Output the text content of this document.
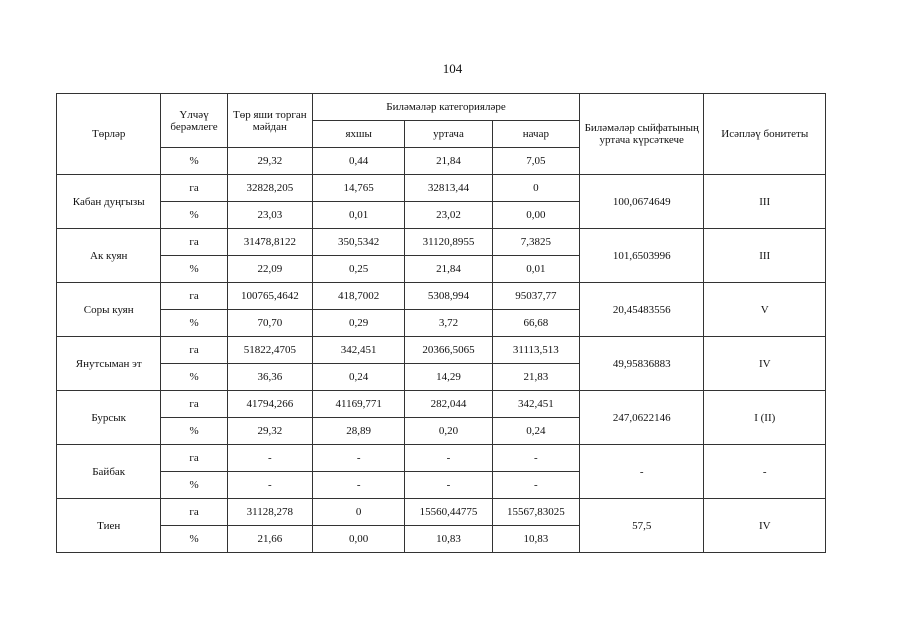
104
Төрләр	Үлчәү берәмлеге	Төр яши торган мәйдан	Биләмәләр категорияләре			Биләмәләр сыйфатының уртача күрсәткече	Исәпләү бонитеты
			яхшы	уртача	начар		
	%	29,32	0,44	21,84	7,05		
Кабан дуңгызы	га	32828,205	14,765	32813,44	0	100,0674649	III
	%	23,03	0,01	23,02	0,00		
Ак куян	га	31478,8122	350,5342	31120,8955	7,3825	101,6503996	III
	%	22,09	0,25	21,84	0,01		
Соры куян	га	100765,4642	418,7002	5308,994	95037,77	20,45483556	V
	%	70,70	0,29	3,72	66,68		
Янутсыман эт	га	51822,4705	342,451	20366,5065	31113,513	49,95836883	IV
	%	36,36	0,24	14,29	21,83		
Бурсык	га	41794,266	41169,771	282,044	342,451	247,0622146	I (II)
	%	29,32	28,89	0,20	0,24		
Байбак	га	-	-	-	-	-	-
	%	-	-	-	-		
Тиен	га	31128,278	0	15560,44775	15567,83025	57,5	IV
	%	21,66	0,00	10,83	10,83		
